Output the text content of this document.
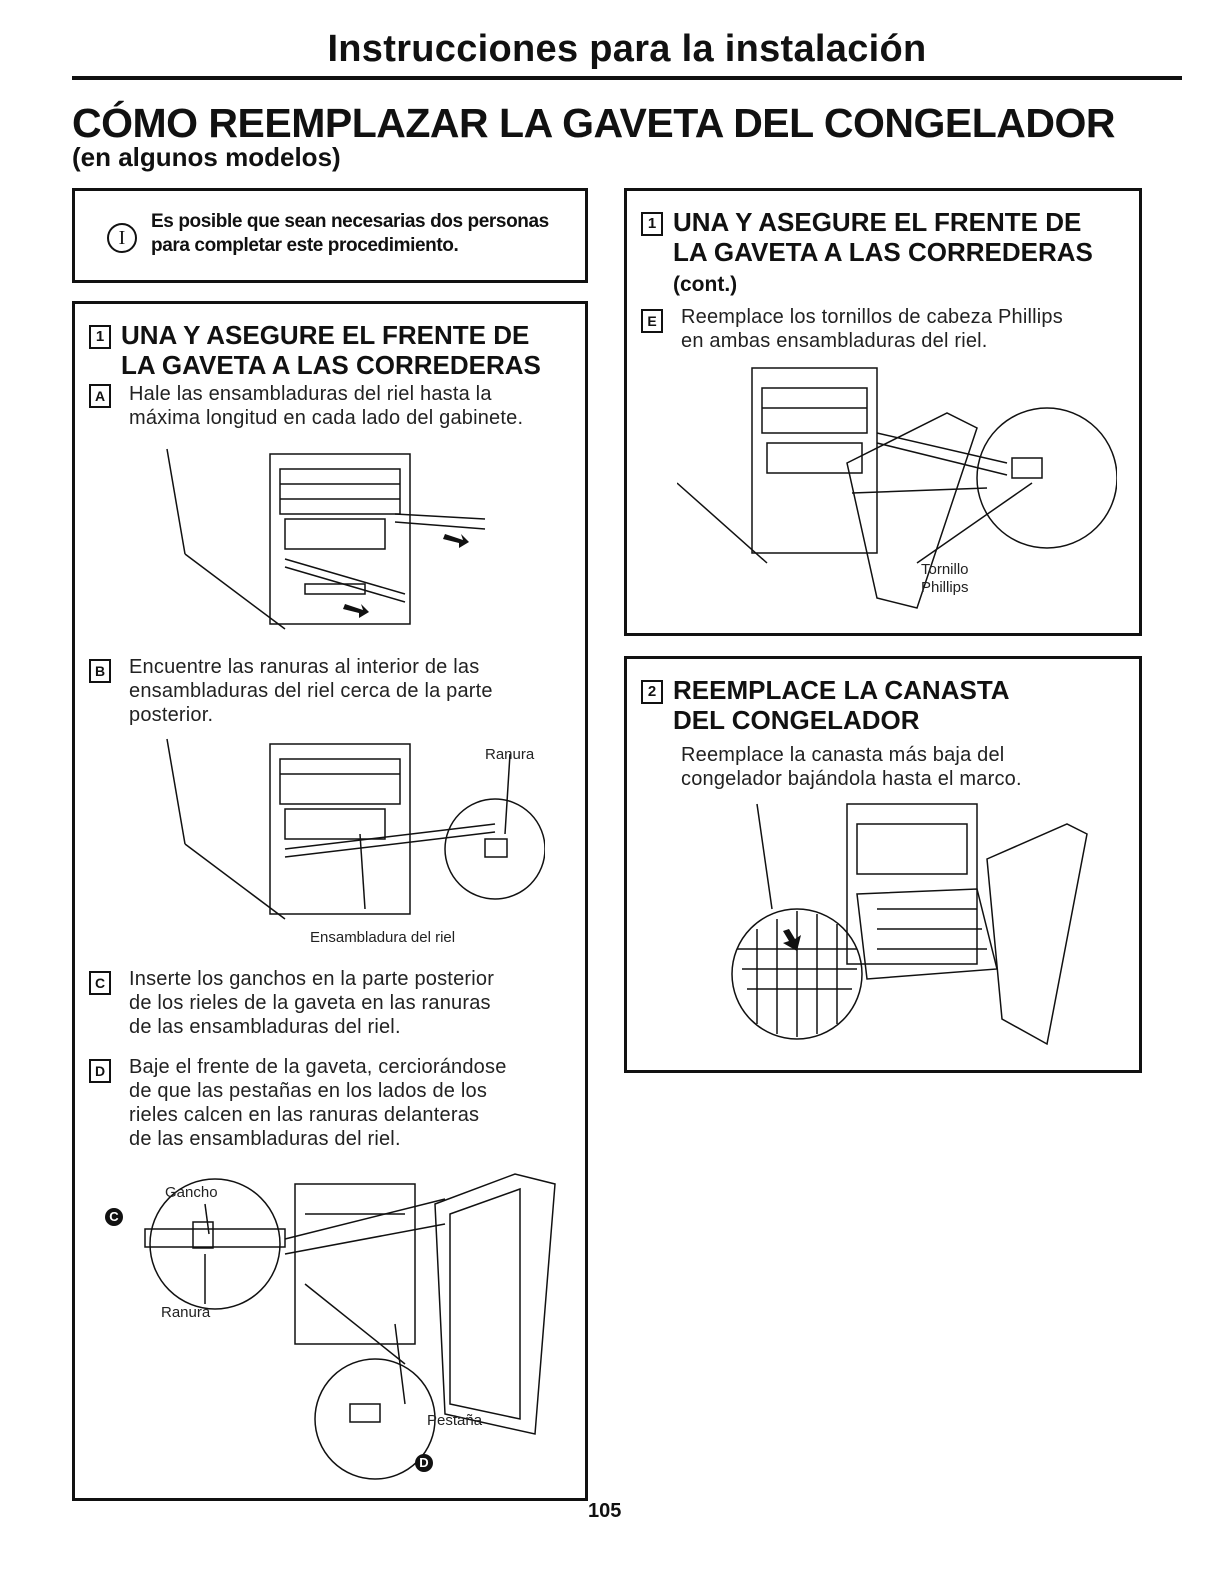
Instrucciones para la instalación
CÓMO REEMPLAZAR LA GAVETA DEL CONGELADOR
(en algunos modelos)
I
Es posible que sean necesarias dos personas
para completar este procedimiento.
1 UNA Y ASEGURE EL FRENTE DE
LA GAVETA A LAS CORREDERAS
A Hale las ensambladuras del riel hasta la
máxima longitud en cada lado del gabinete.
B Encuentre las ranuras al interior de las
ensambladuras del riel cerca de la parte
posterior.
Ranura
Ensambladura del riel
C Inserte los ganchos en la parte posterior
de los rieles de la gaveta en las ranuras
de las ensambladuras del riel.
D Baje el frente de la gaveta, cerciorándose
de que las pestañas en los lados de los
rieles calcen en las ranuras delanteras
de las ensambladuras del riel.
Gancho
Ranura
Pestaña
C
D
1 UNA Y ASEGURE EL FRENTE DE
LA GAVETA A LAS CORREDERAS
(cont.)
E	Reemplace los tornillos de cabeza Phillips
en ambas ensambladuras del riel.
Tornillo
Phillips
2 REEMPLACE LA CANASTA
DEL CONGELADOR
Reemplace la canasta más baja del
congelador bajándola hasta el marco.
105
